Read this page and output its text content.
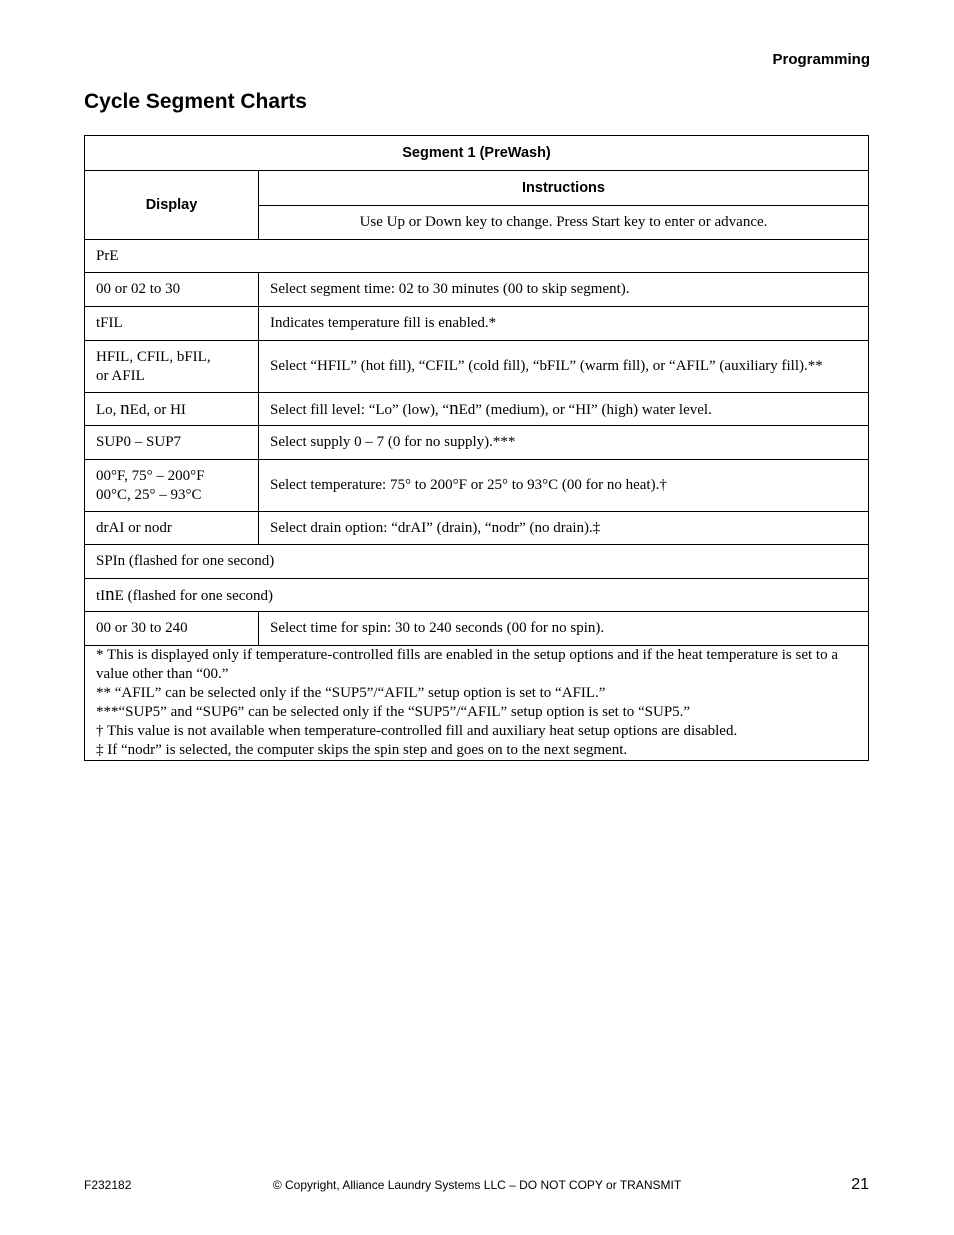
Programming
Cycle Segment Charts
Segment 1 (PreWash)	
Display	Instructions
	Use Up or Down key to change. Press Start key to enter or advance.
PrE	
00 or 02 to 30	Select segment time: 02 to 30 minutes (00 to skip segment).
tFIL	Indicates temperature fill is enabled.*

HFIL, CFIL, bFIL,
or AFIL	Select “HFIL” (hot fill), “CFIL” (cold fill), “bFIL” (warm fill), or “AFIL” (auxiliary fill).**
Lo, nEd, or HI	Select fill level: “Lo” (low), “nEd” (medium), or “HI” (high) water level.
SUP0 – SUP7	Select supply 0 – 7 (0 for no supply).***

00°F, 75° – 200°F
00°C, 25° – 93°C	Select temperature: 75° to 200°F or 25° to 93°C (00 for no heat).†
drAI or nodr	Select drain option: “drAI” (drain), “nodr” (no drain).‡
SPIn (flashed for one second)	
tInE (flashed for one second)	
00 or 30 to 240	Select time for spin: 30 to 240 seconds (00 for no spin).

* This is displayed only if temperature-controlled fills are enabled in the setup options and if the heat temperature is set to a value other than “00.”
** “AFIL” can be selected only if the “SUP5”/“AFIL” setup option is set to “AFIL.”
***“SUP5” and “SUP6” can be selected only if the “SUP5”/“AFIL” setup option is set to “SUP5.”
† This value is not available when temperature-controlled fill and auxiliary heat setup options are disabled.
‡ If “nodr” is selected, the computer skips the spin step and goes on to the next segment.	
F232182	© Copyright, Alliance Laundry Systems LLC – DO NOT COPY or TRANSMIT	21
